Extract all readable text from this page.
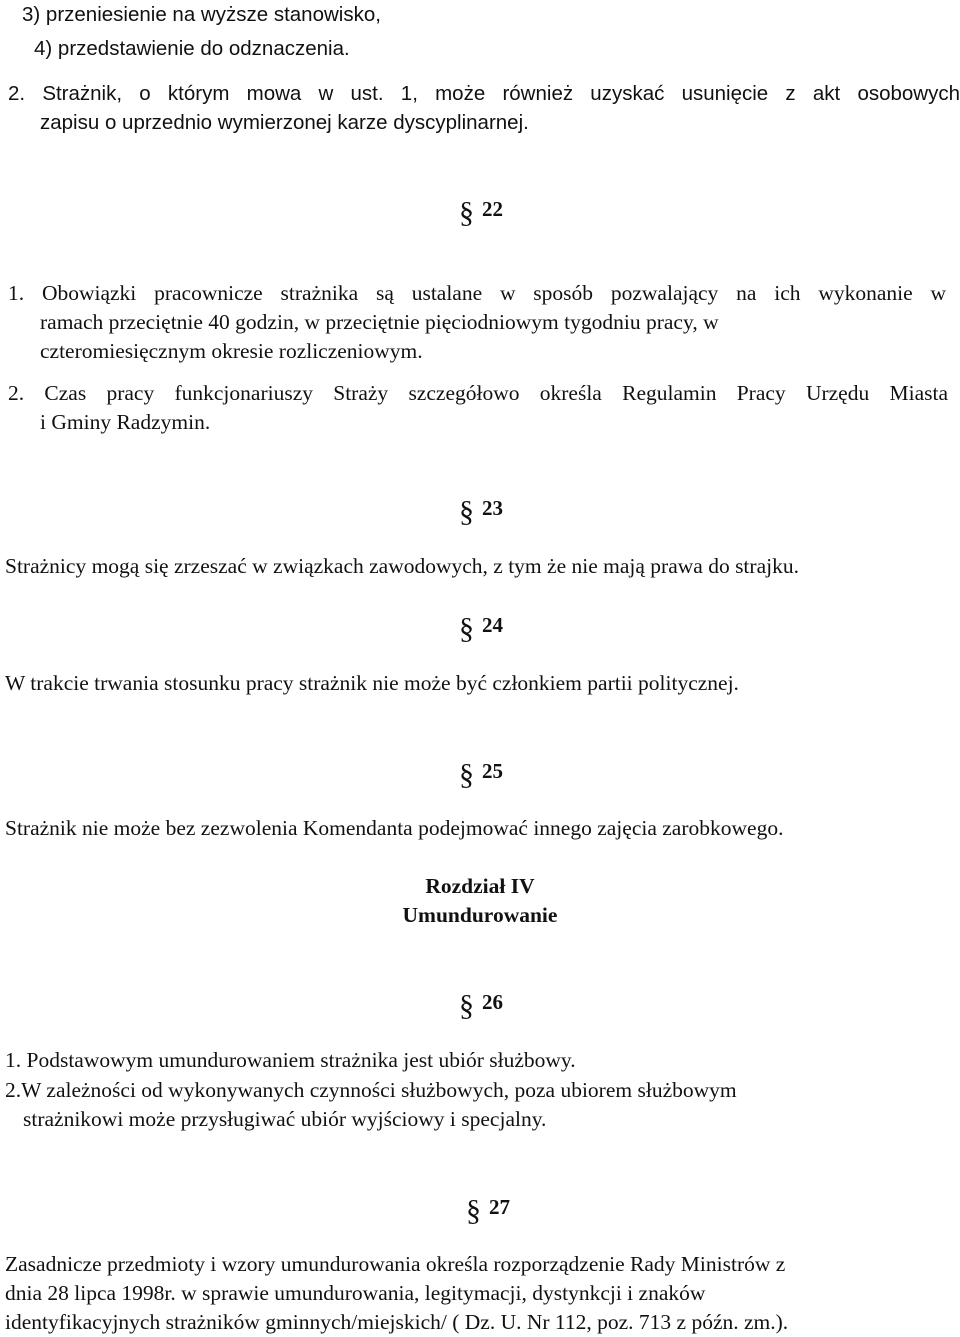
3) przeniesienie na wyższe stanowisko,
4) przedstawienie do odznaczenia.
2. Strażnik, o którym mowa w ust. 1, może również uzyskać usunięcie z akt osobowych
zapisu o uprzednio wymierzonej karze dyscyplinarnej.
§ 22
1. Obowiązki pracownicze strażnika są ustalane w sposób pozwalający na ich wykonanie w
ramach przeciętnie 40 godzin, w przeciętnie pięciodniowym tygodniu pracy, w
czteromiesięcznym okresie rozliczeniowym.
2. Czas pracy funkcjonariuszy Straży szczegółowo określa Regulamin Pracy Urzędu Miasta
i Gminy Radzymin.
§ 23
Strażnicy mogą się zrzeszać w związkach zawodowych, z tym że nie mają prawa do strajku.
§ 24
W trakcie trwania stosunku pracy strażnik nie może być członkiem partii politycznej.
§ 25
Strażnik nie może bez zezwolenia Komendanta podejmować innego zajęcia zarobkowego.
Rozdział IV
Umundurowanie
§ 26
1. Podstawowym umundurowaniem strażnika jest ubiór służbowy.
2.W zależności od wykonywanych czynności służbowych, poza ubiorem służbowym
strażnikowi może przysługiwać ubiór wyjściowy i specjalny.
§ 27
Zasadnicze przedmioty i wzory umundurowania określa rozporządzenie Rady Ministrów z
dnia 28 lipca 1998r. w sprawie umundurowania, legitymacji, dystynkcji i znaków
identyfikacyjnych strażników gminnych/miejskich/ ( Dz. U. Nr 112, poz. 713 z późn. zm.).
